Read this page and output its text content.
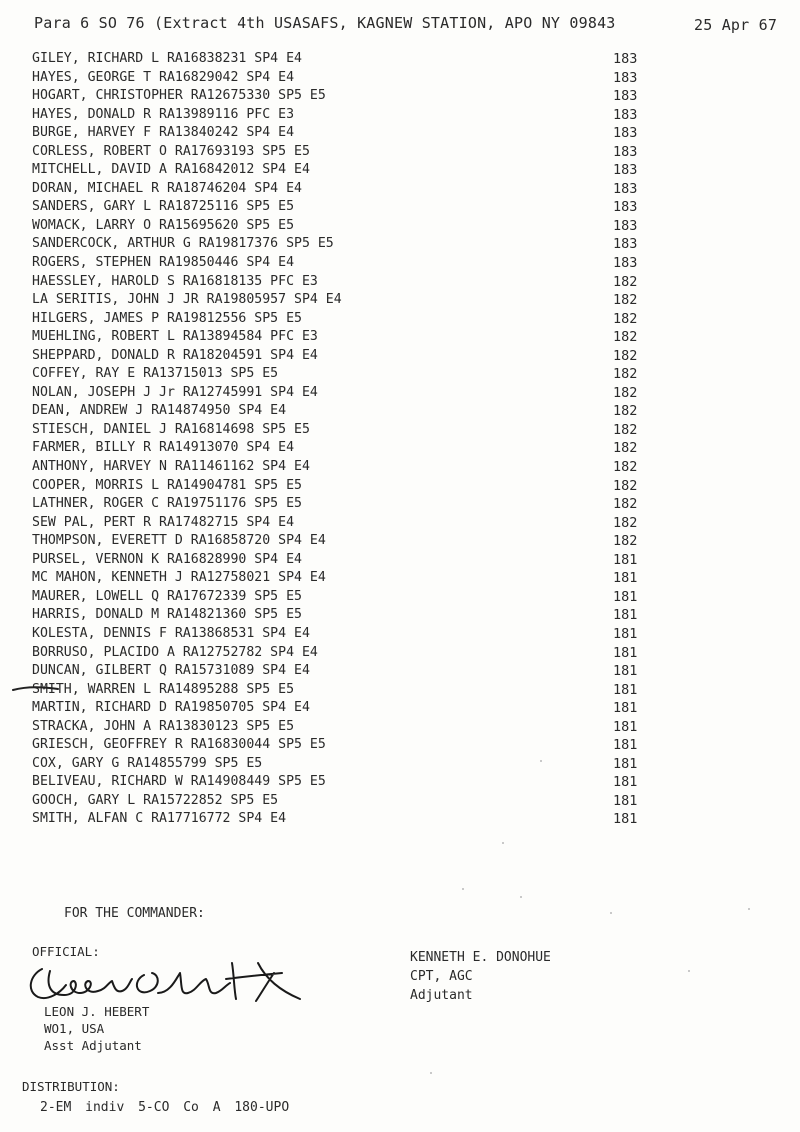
Para 6 SO 76 (Extract 4th USASAFS, KAGNEW STATION, APO NY 09843	25 Apr 67
GILEY, RICHARD L RA16838231 SP4 E4	183
HAYES, GEORGE T RA16829042 SP4 E4	183
HOGART, CHRISTOPHER RA12675330 SP5 E5	183
HAYES, DONALD R RA13989116 PFC E3	183
BURGE, HARVEY F RA13840242 SP4 E4	183
CORLESS, ROBERT O RA17693193 SP5 E5	183
MITCHELL, DAVID A RA16842012 SP4 E4	183
DORAN, MICHAEL R RA18746204 SP4 E4	183
SANDERS, GARY L RA18725116 SP5 E5	183
WOMACK, LARRY O RA15695620 SP5 E5	183
SANDERCOCK, ARTHUR G RA19817376 SP5 E5	183
ROGERS, STEPHEN RA19850446 SP4 E4	183
HAESSLEY, HAROLD S RA16818135 PFC E3	182
LA SERITIS, JOHN J JR RA19805957 SP4 E4	182
HILGERS, JAMES P RA19812556 SP5 E5	182
MUEHLING, ROBERT L RA13894584 PFC E3	182
SHEPPARD, DONALD R RA18204591 SP4 E4	182
COFFEY, RAY E RA13715013 SP5 E5	182
NOLAN, JOSEPH J Jr RA12745991 SP4 E4	182
DEAN, ANDREW J RA14874950 SP4 E4	182
STIESCH, DANIEL J RA16814698 SP5 E5	182
FARMER, BILLY R RA14913070 SP4 E4	182
ANTHONY, HARVEY N RA11461162 SP4 E4	182
COOPER, MORRIS L RA14904781 SP5 E5	182
LATHNER, ROGER C RA19751176 SP5 E5	182
SEW PAL, PERT R RA17482715 SP4 E4	182
THOMPSON, EVERETT D RA16858720 SP4 E4	182
PURSEL, VERNON K RA16828990 SP4 E4	181
MC MAHON, KENNETH J RA12758021 SP4 E4	181
MAURER, LOWELL Q RA17672339 SP5 E5	181
HARRIS, DONALD M RA14821360 SP5 E5	181
KOLESTA, DENNIS F RA13868531 SP4 E4	181
BORRUSO, PLACIDO A RA12752782 SP4 E4	181
DUNCAN, GILBERT Q RA15731089 SP4 E4	181
SMITH, WARREN L RA14895288 SP5 E5	181
MARTIN, RICHARD D RA19850705 SP4 E4	181
STRACKA, JOHN A RA13830123 SP5 E5	181
GRIESCH, GEOFFREY R RA16830044 SP5 E5	181
COX, GARY G RA14855799 SP5 E5	181
BELIVEAU, RICHARD W RA14908449 SP5 E5	181
GOOCH, GARY L RA15722852 SP5 E5	181
SMITH, ALFAN C RA17716772 SP4 E4	181
FOR THE COMMANDER:
OFFICIAL:
LEON J. HEBERT
WO1, USA
Asst Adjutant
KENNETH E. DONOHUE
CPT, AGC
Adjutant
DISTRIBUTION:
2-EM indiv 5-CO Co A 180-UPO
